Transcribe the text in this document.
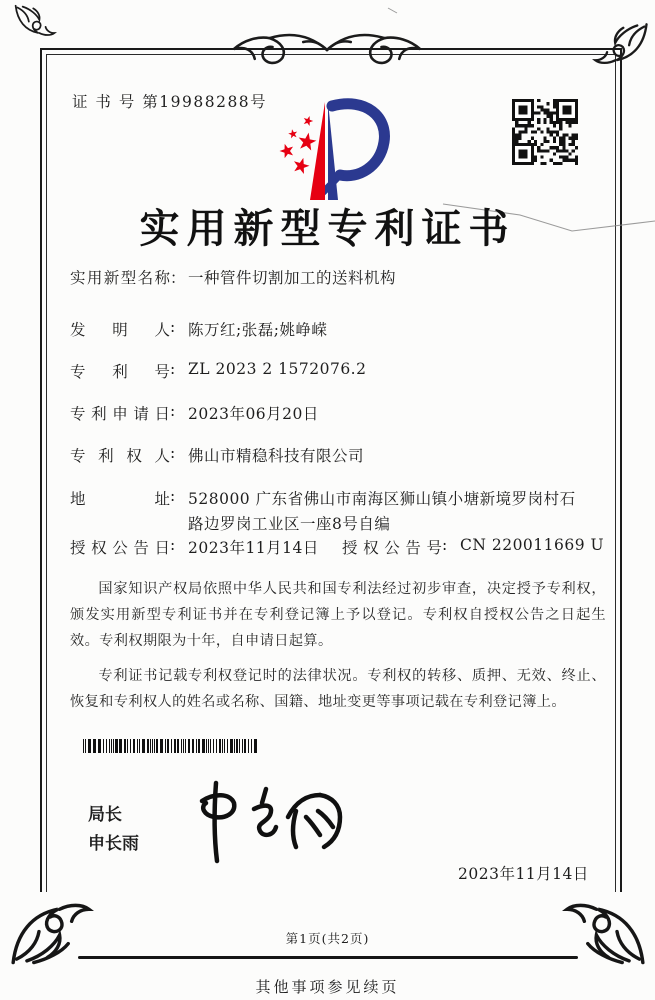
证 书 号 第19988288号
实用新型专利证书
实用新型名称 ： 一种管件切割加工的送料机构
发明人 : 陈万红;张磊;姚峥嵘
专利号 : ZL 2023 2 1572076.2
专利申请日 : 2023年06月20日
专利权人 : 佛山市精稳科技有限公司
地址 : 528000 广东省佛山市南海区狮山镇小塘新境罗岗村石
路边罗岗工业区一座8号自编
授权公告日 : 2023年11月14日 授权公告号 : CN 220011669 U

国家知识产权局依照中华人民共和国专利法经过初步审查，决定授予专利权，颁发实用新型专利证书并在专利登记簿上予以登记。专利权自授权公告之日起生效。专利权期限为十年，自申请日起算。

专利证书记载专利权登记时的法律状况。专利权的转移、质押、无效、终止、恢复和专利权人的姓名或名称、国籍、地址变更等事项记载在专利登记簿上。

局长
申长雨
2023年11月14日
第1页(共2页)
其他事项参见续页
